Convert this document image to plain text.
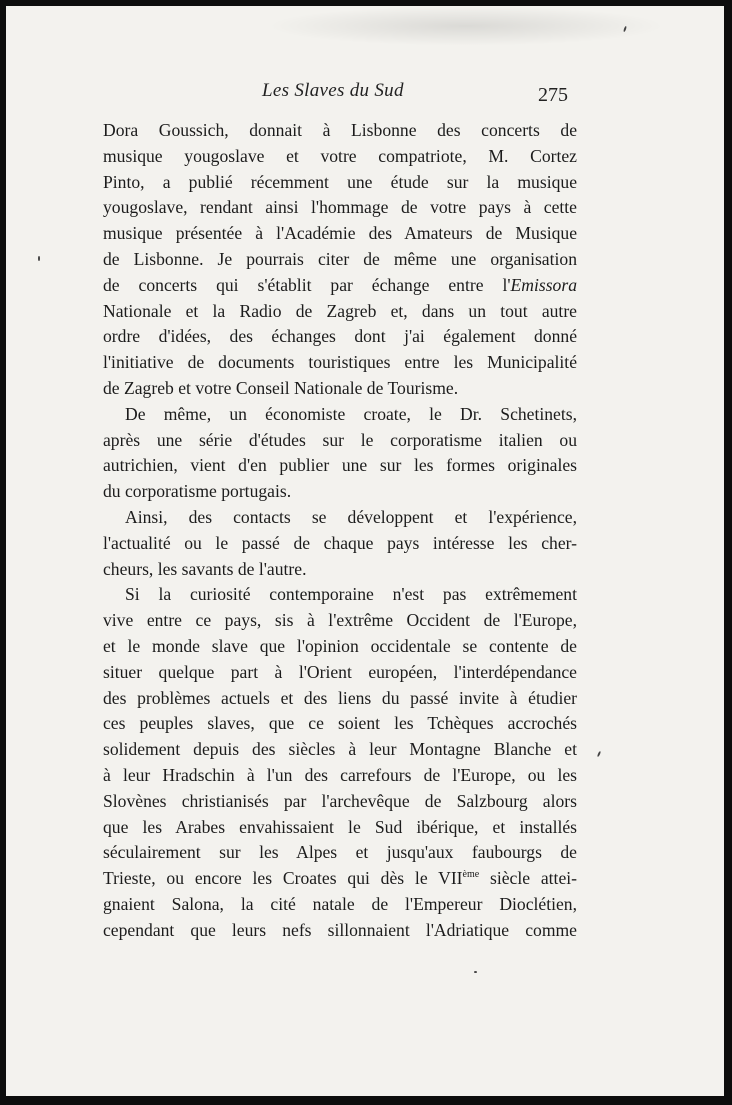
Les Slaves du Sud	275
Dora Goussich, donnait à Lisbonne des concerts de
musique yougoslave et votre compatriote, M. Cortez
Pinto, a publié récemment une étude sur la musique
yougoslave, rendant ainsi l'hommage de votre pays à cette
musique présentée à l'Académie des Amateurs de Musique
de Lisbonne. Je pourrais citer de même une organisation
de concerts qui s'établit par échange entre l'Emissora
Nationale et la Radio de Zagreb et, dans un tout autre
ordre d'idées, des échanges dont j'ai également donné
l'initiative de documents touristiques entre les Municipalité
de Zagreb et votre Conseil Nationale de Tourisme.
De même, un économiste croate, le Dr. Schetinets,
après une série d'études sur le corporatisme italien ou
autrichien, vient d'en publier une sur les formes originales
du corporatisme portugais.
Ainsi, des contacts se développent et l'expérience,
l'actualité ou le passé de chaque pays intéresse les cher-
cheurs, les savants de l'autre.
Si la curiosité contemporaine n'est pas extrêmement
vive entre ce pays, sis à l'extrême Occident de l'Europe,
et le monde slave que l'opinion occidentale se contente de
situer quelque part à l'Orient européen, l'interdépendance
des problèmes actuels et des liens du passé invite à étudier
ces peuples slaves, que ce soient les Tchèques accrochés
solidement depuis des siècles à leur Montagne Blanche et
à leur Hradschin à l'un des carrefours de l'Europe, ou les
Slovènes christianisés par l'archevêque de Salzbourg alors
que les Arabes envahissaient le Sud ibérique, et installés
séculairement sur les Alpes et jusqu'aux faubourgs de
Trieste, ou encore les Croates qui dès le VIIème siècle attei-
gnaient Salona, la cité natale de l'Empereur Dioclétien,
cependant que leurs nefs sillonnaient l'Adriatique comme
